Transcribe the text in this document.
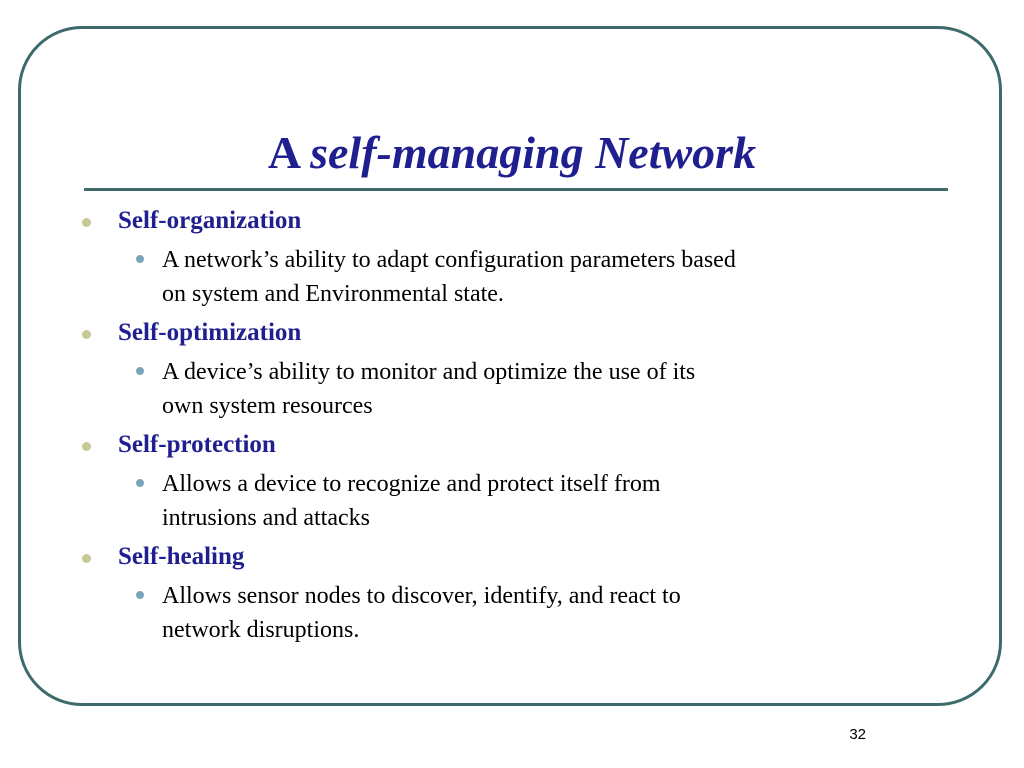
A self-managing Network
Self-organization
A network’s ability to adapt configuration parameters based
on system and Environmental state.
Self-optimization
A device’s ability to monitor and optimize the use of its
own system resources
Self-protection
Allows a device to recognize and protect itself from
intrusions and attacks
Self-healing
Allows sensor nodes to discover, identify, and react to
network disruptions.
32
